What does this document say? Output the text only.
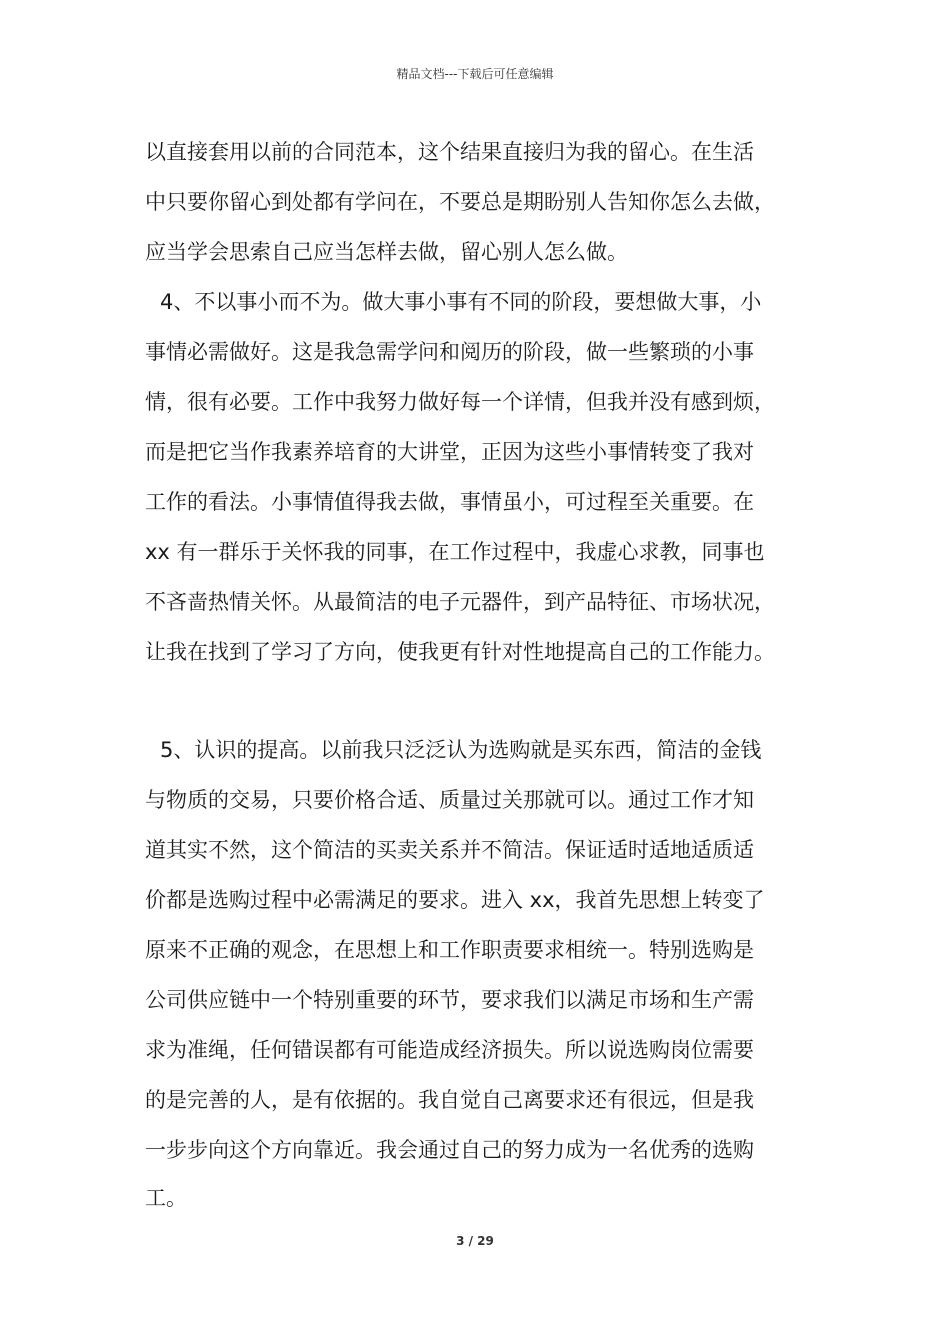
精品文档---下载后可任意编辑
以直接套用以前的合同范本，这个结果直接归为我的留心。在生活
中只要你留心到处都有学问在，不要总是期盼别人告知你怎么去做，
应当学会思索自己应当怎样去做，留心别人怎么做。
4、不以事小而不为。做大事小事有不同的阶段，要想做大事，小
事情必需做好。这是我急需学问和阅历的阶段，做一些繁琐的小事
情，很有必要。工作中我努力做好每一个详情，但我并没有感到烦，
而是把它当作我素养培育的大讲堂，正因为这些小事情转变了我对
工作的看法。小事情值得我去做，事情虽小，可过程至关重要。在
xx 有一群乐于关怀我的同事，在工作过程中，我虚心求教，同事也
不吝啬热情关怀。从最简洁的电子元器件，到产品特征、市场状况，
让我在找到了学习了方向，使我更有针对性地提高自己的工作能力。
5、认识的提高。以前我只泛泛认为选购就是买东西，简洁的金钱
与物质的交易，只要价格合适、质量过关那就可以。通过工作才知
道其实不然，这个简洁的买卖关系并不简洁。保证适时适地适质适
价都是选购过程中必需满足的要求。进入 xx，我首先思想上转变了
原来不正确的观念，在思想上和工作职责要求相统一。特别选购是
公司供应链中一个特别重要的环节，要求我们以满足市场和生产需
求为准绳，任何错误都有可能造成经济损失。所以说选购岗位需要
的是完善的人，是有依据的。我自觉自己离要求还有很远，但是我
一步步向这个方向靠近。我会通过自己的努力成为一名优秀的选购
工。
3 / 29
